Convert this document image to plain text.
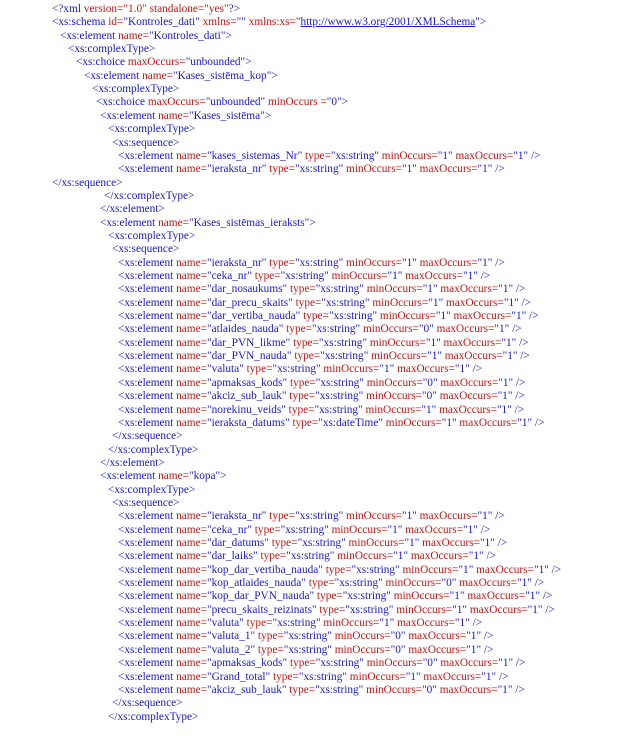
<?xml version="1.0" standalone="yes"?>
<xs:schema id="Kontroles_dati" xmlns="" xmlns:xs="http://www.w3.org/2001/XMLSchema">
<xs:element name="Kontroles_dati">
<xs:complexType>
<xs:choice maxOccurs="unbounded">
<xs:element name="Kases_sistēma_kop">
<xs:complexType>
<xs:choice maxOccurs="unbounded" minOccurs ="0">
<xs:element name="Kases_sistēma">
<xs:complexType>
<xs:sequence>
<xs:element name="kases_sistemas_Nr" type="xs:string" minOccurs="1" maxOccurs="1" />
<xs:element name="ieraksta_nr" type="xs:string" minOccurs="1" maxOccurs="1" />
</xs:sequence>
</xs:complexType>
</xs:element>
<xs:element name="Kases_sistēmas_ieraksts">
<xs:complexType>
<xs:sequence>
<xs:element name="ieraksta_nr" type="xs:string" minOccurs="1" maxOccurs="1" />
<xs:element name="ceka_nr" type="xs:string" minOccurs="1" maxOccurs="1" />
<xs:element name="dar_nosaukums" type="xs:string" minOccurs="1" maxOccurs="1" />
<xs:element name="dar_precu_skaits" type="xs:string" minOccurs="1" maxOccurs="1" />
<xs:element name="dar_vertiba_nauda" type="xs:string" minOccurs="1" maxOccurs="1" />
<xs:element name="atlaides_nauda" type="xs:string" minOccurs="0" maxOccurs="1" />
<xs:element name="dar_PVN_likme" type="xs:string" minOccurs="1" maxOccurs="1" />
<xs:element name="dar_PVN_nauda" type="xs:string" minOccurs="1" maxOccurs="1" />
<xs:element name="valuta" type="xs:string" minOccurs="1" maxOccurs="1" />
<xs:element name="apmaksas_kods" type="xs:string" minOccurs="0" maxOccurs="1" />
<xs:element name="akciz_sub_lauk" type="xs:string" minOccurs="0" maxOccurs="1" />
<xs:element name="norekinu_veids" type="xs:string" minOccurs="1" maxOccurs="1" />
<xs:element name="ieraksta_datums" type="xs:dateTime" minOccurs="1" maxOccurs="1" />
</xs:sequence>
</xs:complexType>
</xs:element>
<xs:element name="kopa">
<xs:complexType>
<xs:sequence>
<xs:element name="ieraksta_nr" type="xs:string" minOccurs="1" maxOccurs="1" />
<xs:element name="ceka_nr" type="xs:string" minOccurs="1" maxOccurs="1" />
<xs:element name="dar_datums" type="xs:string" minOccurs="1" maxOccurs="1" />
<xs:element name="dar_laiks" type="xs:string" minOccurs="1" maxOccurs="1" />
<xs:element name="kop_dar_vertiba_nauda" type="xs:string" minOccurs="1" maxOccurs="1" />
<xs:element name="kop_atlaides_nauda" type="xs:string" minOccurs="0" maxOccurs="1" />
<xs:element name="kop_dar_PVN_nauda" type="xs:string" minOccurs="1" maxOccurs="1" />
<xs:element name="precu_skaits_reizinats" type="xs:string" minOccurs="1" maxOccurs="1" />
<xs:element name="valuta" type="xs:string" minOccurs="1" maxOccurs="1" />
<xs:element name="valuta_1" type="xs:string" minOccurs="0" maxOccurs="1" />
<xs:element name="valuta_2" type="xs:string" minOccurs="0" maxOccurs="1" />
<xs:element name="apmaksas_kods" type="xs:string" minOccurs="0" maxOccurs="1" />
<xs:element name="Grand_total" type="xs:string" minOccurs="1" maxOccurs="1" />
<xs:element name="akciz_sub_lauk" type="xs:string" minOccurs="0" maxOccurs="1" />
</xs:sequence>
</xs:complexType>
